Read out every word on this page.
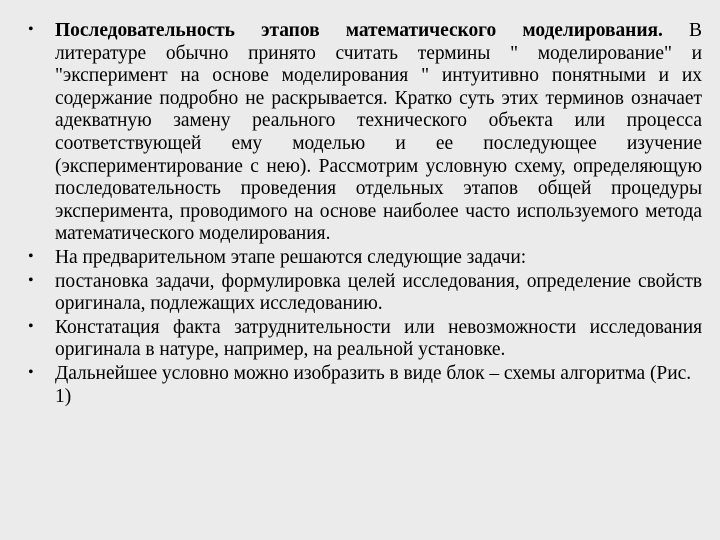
• Последовательность этапов математического моделирования. В литературе обычно принято считать термины " моделирование" и "эксперимент на основе моделирования " интуитивно понятными и их содержание подробно не раскрывается. Кратко суть этих терминов означает адекватную замену реального технического объекта или процесса соответствующей ему моделью и ее последующее изучение (экспериментирование с нею). Рассмотрим условную схему, определяющую последовательность проведения отдельных этапов общей процедуры эксперимента, проводимого на основе наиболее часто используемого метода математического моделирования.
• На предварительном этапе решаются следующие задачи:
• постановка задачи, формулировка целей исследования, определение свойств оригинала, подлежащих исследованию.
• Констатация факта затруднительности или невозможности исследования оригинала в натуре, например, на реальной установке.
• Дальнейшее условно можно изобразить в виде блок – схемы алгоритма (Рис. 1)
